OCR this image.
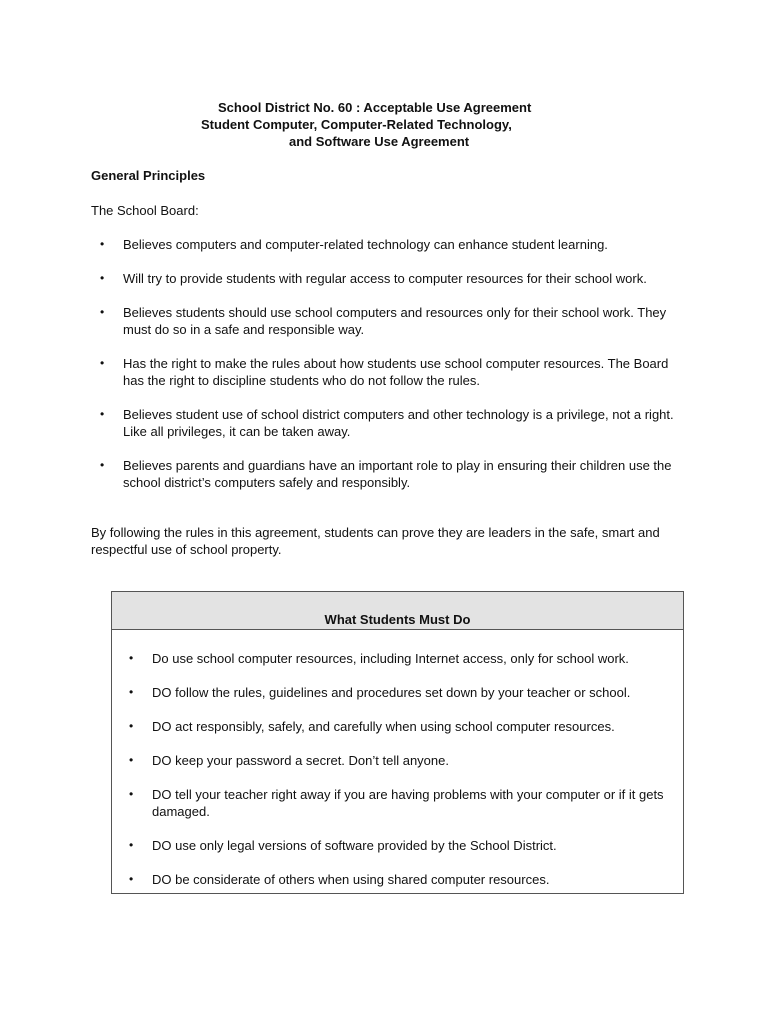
School District No. 60 : Acceptable Use Agreement
Student Computer, Computer-Related Technology,
and Software Use Agreement
General Principles
The School Board:
• Believes computers and computer-related technology can enhance student learning.
• Will try to provide students with regular access to computer resources for their school work.
• Believes students should use school computers and resources only for their school work. They must do so in a safe and responsible way.
• Has the right to make the rules about how students use school computer resources. The Board has the right to discipline students who do not follow the rules.
• Believes student use of school district computers and other technology is a privilege, not a right. Like all privileges, it can be taken away.
• Believes parents and guardians have an important role to play in ensuring their children use the school district’s computers safely and responsibly.
By following the rules in this agreement, students can prove they are leaders in the safe, smart and respectful use of school property.
What Students Must Do
• Do use school computer resources, including Internet access, only for school work.
• DO follow the rules, guidelines and procedures set down by your teacher or school.
• DO act responsibly, safely, and carefully when using school computer resources.
• DO keep your password a secret. Don’t tell anyone.
• DO tell your teacher right away if you are having problems with your computer or if it gets damaged.
• DO use only legal versions of software provided by the School District.
• DO be considerate of others when using shared computer resources.
